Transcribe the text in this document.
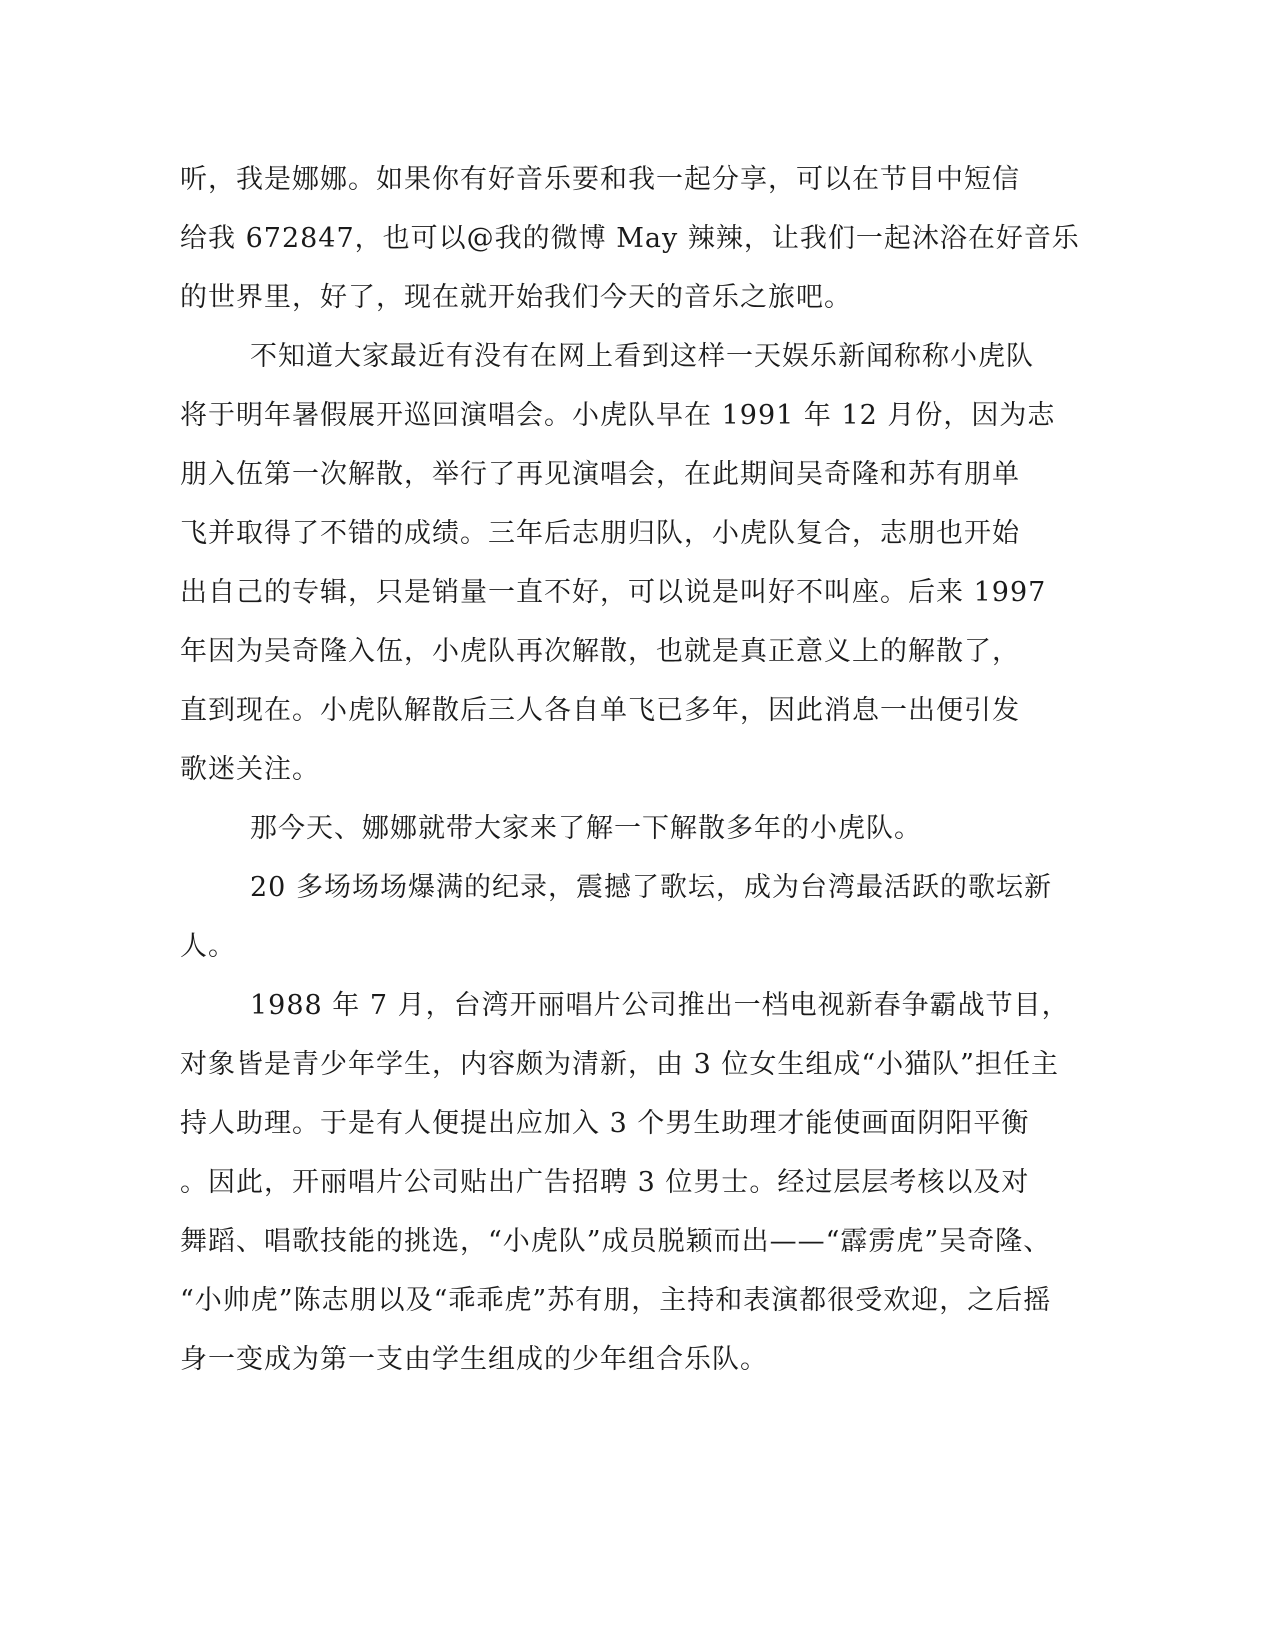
听，我是娜娜。如果你有好音乐要和我一起分享，可以在节目中短信
给我 672847，也可以@我的微博 May 辣辣，让我们一起沐浴在好音乐
的世界里，好了，现在就开始我们今天的音乐之旅吧。
不知道大家最近有没有在网上看到这样一天娱乐新闻称称小虎队
将于明年暑假展开巡回演唱会。小虎队早在 1991 年 12 月份，因为志
朋入伍第一次解散，举行了再见演唱会，在此期间吴奇隆和苏有朋单
飞并取得了不错的成绩。三年后志朋归队，小虎队复合，志朋也开始
出自己的专辑，只是销量一直不好，可以说是叫好不叫座。后来 1997
年因为吴奇隆入伍，小虎队再次解散，也就是真正意义上的解散了，
直到现在。小虎队解散后三人各自单飞已多年，因此消息一出便引发
歌迷关注。
那今天、娜娜就带大家来了解一下解散多年的小虎队。
20 多场场场爆满的纪录，震撼了歌坛，成为台湾最活跃的歌坛新
人。
1988 年 7 月，台湾开丽唱片公司推出一档电视新春争霸战节目，
对象皆是青少年学生，内容颇为清新，由 3 位女生组成“小猫队”担任主
持人助理。于是有人便提出应加入 3 个男生助理才能使画面阴阳平衡
。因此，开丽唱片公司贴出广告招聘 3 位男士。经过层层考核以及对
舞蹈、唱歌技能的挑选，“小虎队”成员脱颖而出——“霹雳虎”吴奇隆、
“小帅虎”陈志朋以及“乖乖虎”苏有朋，主持和表演都很受欢迎，之后摇
身一变成为第一支由学生组成的少年组合乐队。
